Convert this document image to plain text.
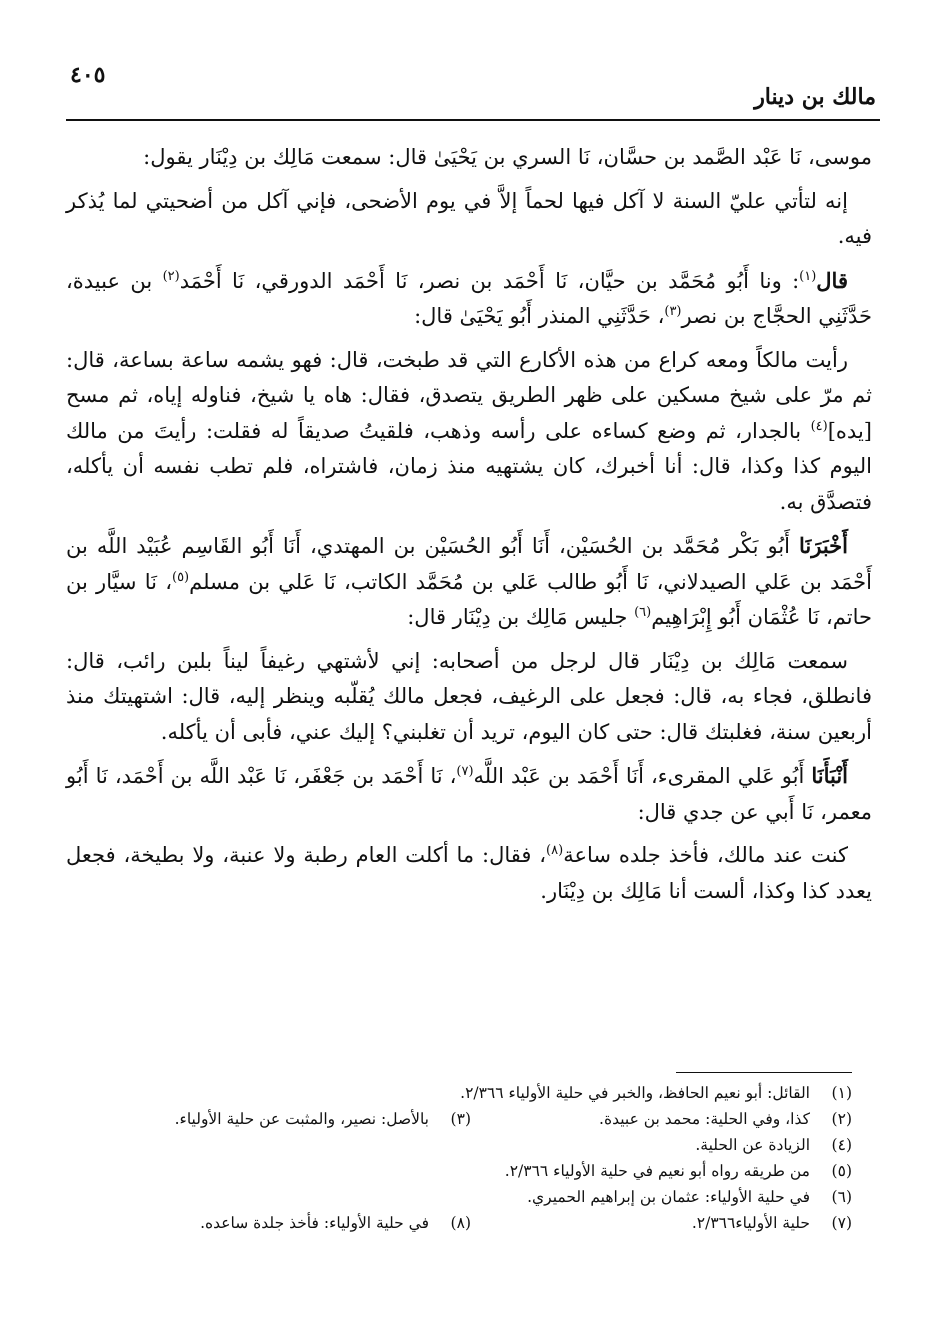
مالك بن دينار
٤٠٥

موسى، نَا عَبْد الصَّمد بن حسَّان، نَا السري بن يَحْيَىٰ قال: سمعت مَالِك بن دِيْنَار يقول:

إنه لتأتي عليّ السنة لا آكل فيها لحماً إلاَّ في يوم الأضحى، فإني آكل من أضحيتي لما يُذكر فيه.

قال$^{(١)}$: ونا أَبُو مُحَمَّد بن حيَّان، نَا أَحْمَد بن نصر، نَا أَحْمَد الدورقي، نَا أَحْمَد$^{(٢)}$ بن عبيدة، حَدَّثَنِي الحجَّاج بن نصر$^{(٣)}$، حَدَّثَنِي المنذر أَبُو يَحْيَىٰ قال:

رأيت مالكاً ومعه كراع من هذه الأكارع التي قد طبخت، قال: فهو يشمه ساعة بساعة، قال: ثم مرّ على شيخ مسكين على ظهر الطريق يتصدق، فقال: هاه يا شيخ، فناوله إياه، ثم مسح [يده]$^{(٤)}$ بالجدار، ثم وضع كساءه على رأسه وذهب، فلقيتُ صديقاً له فقلت: رأيتَ من مالك اليوم كذا وكذا، قال: أنا أخبرك، كان يشتهيه منذ زمان، فاشتراه، فلم تطب نفسه أن يأكله، فتصدَّق به.

أَخْبَرَنَا أَبُو بَكْر مُحَمَّد بن الحُسَيْن، أَنَا أَبُو الحُسَيْن بن المهتدي، أَنَا أَبُو القَاسِم عُبَيْد اللَّه بن أَحْمَد بن عَلي الصيدلاني، نَا أَبُو طالب عَلي بن مُحَمَّد الكاتب، نَا عَلي بن مسلم$^{(٥)}$، نَا سيَّار بن حاتم، نَا عُثْمَان أَبُو إِبْرَاهِيم$^{(٦)}$ جليس مَالِك بن دِيْنَار قال:

سمعت مَالِك بن دِيْنَار قال لرجل من أصحابه: إني لأشتهي رغيفاً ليناً بلبن رائب، قال: فانطلق، فجاء به، قال: فجعل على الرغيف، فجعل مالك يُقلّبه وينظر إليه، قال: اشتهيتك منذ أربعين سنة، فغلبتك قال: حتى كان اليوم، تريد أن تغلبني؟ إليك عني، فأبى أن يأكله.

أَنْبَأَنَا أَبُو عَلي المقرىء، أَنَا أَحْمَد بن عَبْد اللَّه$^{(٧)}$، نَا أَحْمَد بن جَعْفَر، نَا عَبْد اللَّه بن أَحْمَد، نَا أَبُو معمر، نَا أَبي عن جدي قال:

كنت عند مالك، فأخذ جلده ساعة$^{(٨)}$، فقال: ما أكلت العام رطبة ولا عنبة، ولا بطيخة، فجعل يعدد كذا وكذا، ألست أنا مَالِك بن دِيْنَار.

(١)
القائل: أبو نعيم الحافظ، والخبر في حلية الأولياء ٢/٣٦٦.
(٢)
كذا، وفي الحلية: محمد بن عبيدة.
(٣)
بالأصل: نصير، والمثبت عن حلية الأولياء.
(٤)
الزيادة عن الحلية.
(٥)
من طريقه رواه أبو نعيم في حلية الأولياء ٢/٣٦٦.
(٦)
في حلية الأولياء: عثمان بن إبراهيم الحميري.
(٧)
حلية الأولياء٢/٣٦٦.
(٨)
في حلية الأولياء: فأخذ جلدة ساعده.
